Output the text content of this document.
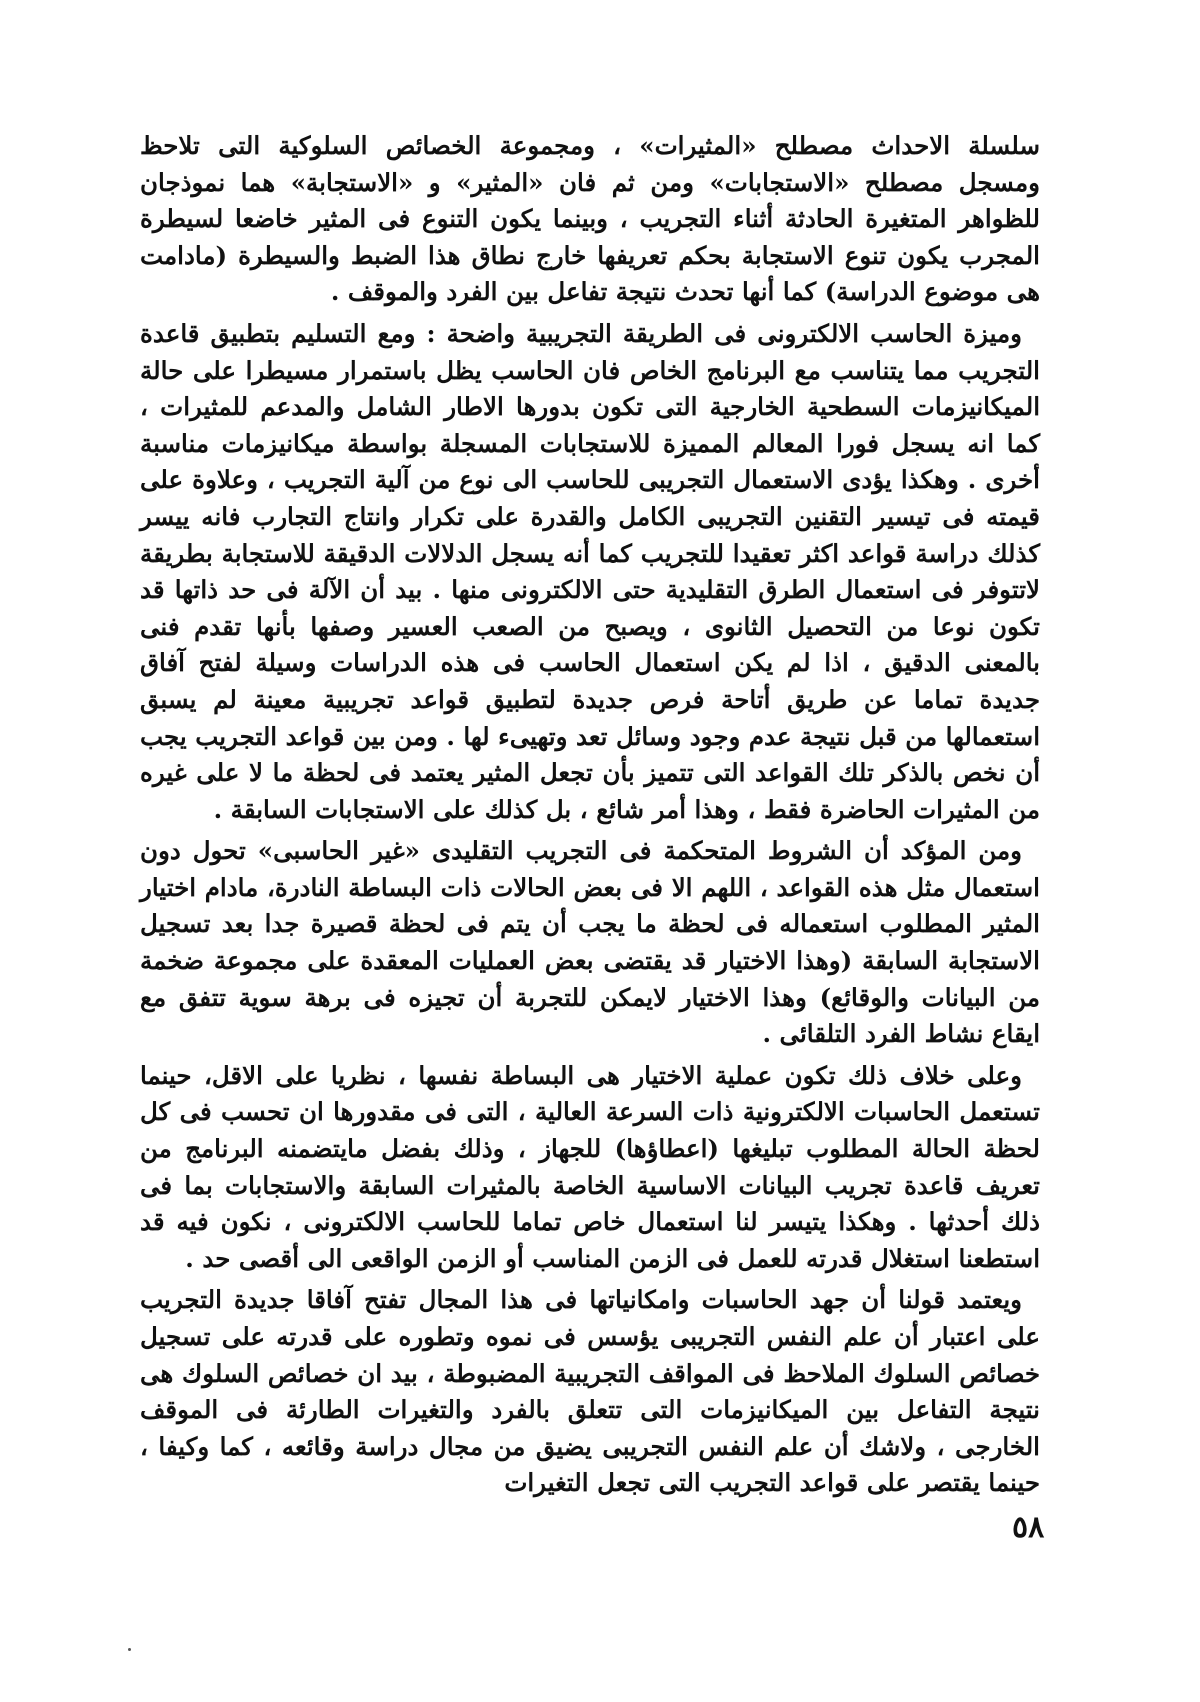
سلسلة الاحداث مصطلح «المثيرات» ، ومجموعة الخصائص السلوكية التى تلاحظ ومسجل مصطلح «الاستجابات» ومن ثم فان «المثير» و «الاستجابة» هما نموذجان للظواهر المتغيرة الحادثة أثناء التجريب ، وبينما يكون التنوع فى المثير خاضعا لسيطرة المجرب يكون تنوع الاستجابة بحكم تعريفها خارج نطاق هذا الضبط والسيطرة (مادامت هى موضوع الدراسة) كما أنها تحدث نتيجة تفاعل بين الفرد والموقف .

وميزة الحاسب الالكترونى فى الطريقة التجريبية واضحة : ومع التسليم بتطبيق قاعدة التجريب مما يتناسب مع البرنامج الخاص فان الحاسب يظل باستمرار مسيطرا على حالة الميكانيزمات السطحية الخارجية التى تكون بدورها الاطار الشامل والمدعم للمثيرات ، كما انه يسجل فورا المعالم المميزة للاستجابات المسجلة بواسطة ميكانيزمات مناسبة أخرى . وهكذا يؤدى الاستعمال التجريبى للحاسب الى نوع من آلية التجريب ، وعلاوة على قيمته فى تيسير التقنين التجريبى الكامل والقدرة على تكرار وانتاج التجارب فانه ييسر كذلك دراسة قواعد اكثر تعقيدا للتجريب كما أنه يسجل الدلالات الدقيقة للاستجابة بطريقة لاتتوفر فى استعمال الطرق التقليدية حتى الالكترونى منها . بيد أن الآلة فى حد ذاتها قد تكون نوعا من التحصيل الثانوى ، ويصبح من الصعب العسير وصفها بأنها تقدم فنى بالمعنى الدقيق ، اذا لم يكن استعمال الحاسب فى هذه الدراسات وسيلة لفتح آفاق جديدة تماما عن طريق أتاحة فرص جديدة لتطبيق قواعد تجريبية معينة لم يسبق استعمالها من قبل نتيجة عدم وجود وسائل تعد وتهيىء لها . ومن بين قواعد التجريب يجب أن نخص بالذكر تلك القواعد التى تتميز بأن تجعل المثير يعتمد فى لحظة ما لا على غيره من المثيرات الحاضرة فقط ، وهذا أمر شائع ، بل كذلك على الاستجابات السابقة .

ومن المؤكد أن الشروط المتحكمة فى التجريب التقليدى «غير الحاسبى» تحول دون استعمال مثل هذه القواعد ، اللهم الا فى بعض الحالات ذات البساطة النادرة، مادام اختيار المثير المطلوب استعماله فى لحظة ما يجب أن يتم فى لحظة قصيرة جدا بعد تسجيل الاستجابة السابقة (وهذا الاختيار قد يقتضى بعض العمليات المعقدة على مجموعة ضخمة من البيانات والوقائع) وهذا الاختيار لايمكن للتجربة أن تجيزه فى برهة سوية تتفق مع ايقاع نشاط الفرد التلقائى .

وعلى خلاف ذلك تكون عملية الاختيار هى البساطة نفسها ، نظريا على الاقل، حينما تستعمل الحاسبات الالكترونية ذات السرعة العالية ، التى فى مقدورها ان تحسب فى كل لحظة الحالة المطلوب تبليغها (اعطاؤها) للجهاز ، وذلك بفضل مايتضمنه البرنامج من تعريف قاعدة تجريب البيانات الاساسية الخاصة بالمثيرات السابقة والاستجابات بما فى ذلك أحدثها . وهكذا يتيسر لنا استعمال خاص تماما للحاسب الالكترونى ، نكون فيه قد استطعنا استغلال قدرته للعمل فى الزمن المناسب أو الزمن الواقعى الى أقصى حد .

ويعتمد قولنا أن جهد الحاسبات وامكانياتها فى هذا المجال تفتح آفاقا جديدة التجريب على اعتبار أن علم النفس التجريبى يؤسس فى نموه وتطوره على قدرته على تسجيل خصائص السلوك الملاحظ فى المواقف التجريبية المضبوطة ، بيد ان خصائص السلوك هى نتيجة التفاعل بين الميكانيزمات التى تتعلق بالفرد والتغيرات الطارئة فى الموقف الخارجى ، ولاشك أن علم النفس التجريبى يضيق من مجال دراسة وقائعه ، كما وكيفا ، حينما يقتصر على قواعد التجريب التى تجعل التغيرات

٥٨
